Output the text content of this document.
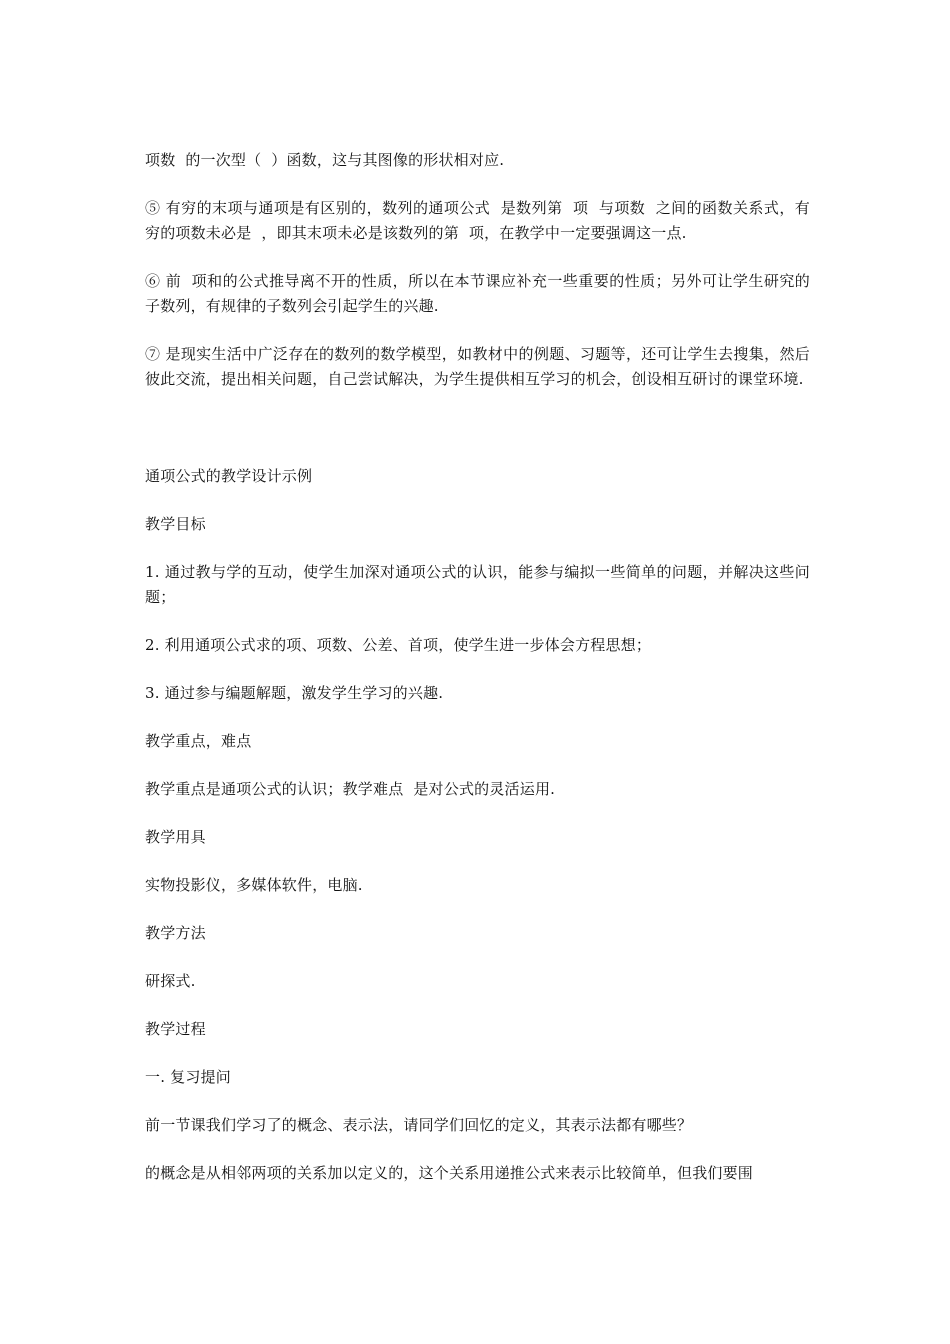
项数  的一次型（  ）函数，这与其图像的形状相对应.

⑤ 有穷的末项与通项是有区别的，数列的通项公式  是数列第  项  与项数  之间的函数关系式，有穷的项数未必是  ，即其末项未必是该数列的第  项，在教学中一定要强调这一点.

⑥ 前  项和的公式推导离不开的性质，所以在本节课应补充一些重要的性质；另外可让学生研究的子数列，有规律的子数列会引起学生的兴趣.

⑦ 是现实生活中广泛存在的数列的数学模型，如教材中的例题、习题等，还可让学生去搜集，然后彼此交流，提出相关问题，自己尝试解决，为学生提供相互学习的机会，创设相互研讨的课堂环境.

通项公式的教学设计示例

教学目标

1. 通过教与学的互动，使学生加深对通项公式的认识，能参与编拟一些简单的问题，并解决这些问题；

2. 利用通项公式求的项、项数、公差、首项，使学生进一步体会方程思想；

3. 通过参与编题解题，激发学生学习的兴趣.

教学重点，难点

教学重点是通项公式的认识；教学难点  是对公式的灵活运用.

教学用具

实物投影仪，多媒体软件，电脑.

教学方法

研探式.

教学过程

一. 复习提问

前一节课我们学习了的概念、表示法，请同学们回忆的定义，其表示法都有哪些？

的概念是从相邻两项的关系加以定义的，这个关系用递推公式来表示比较简单，但我们要围
